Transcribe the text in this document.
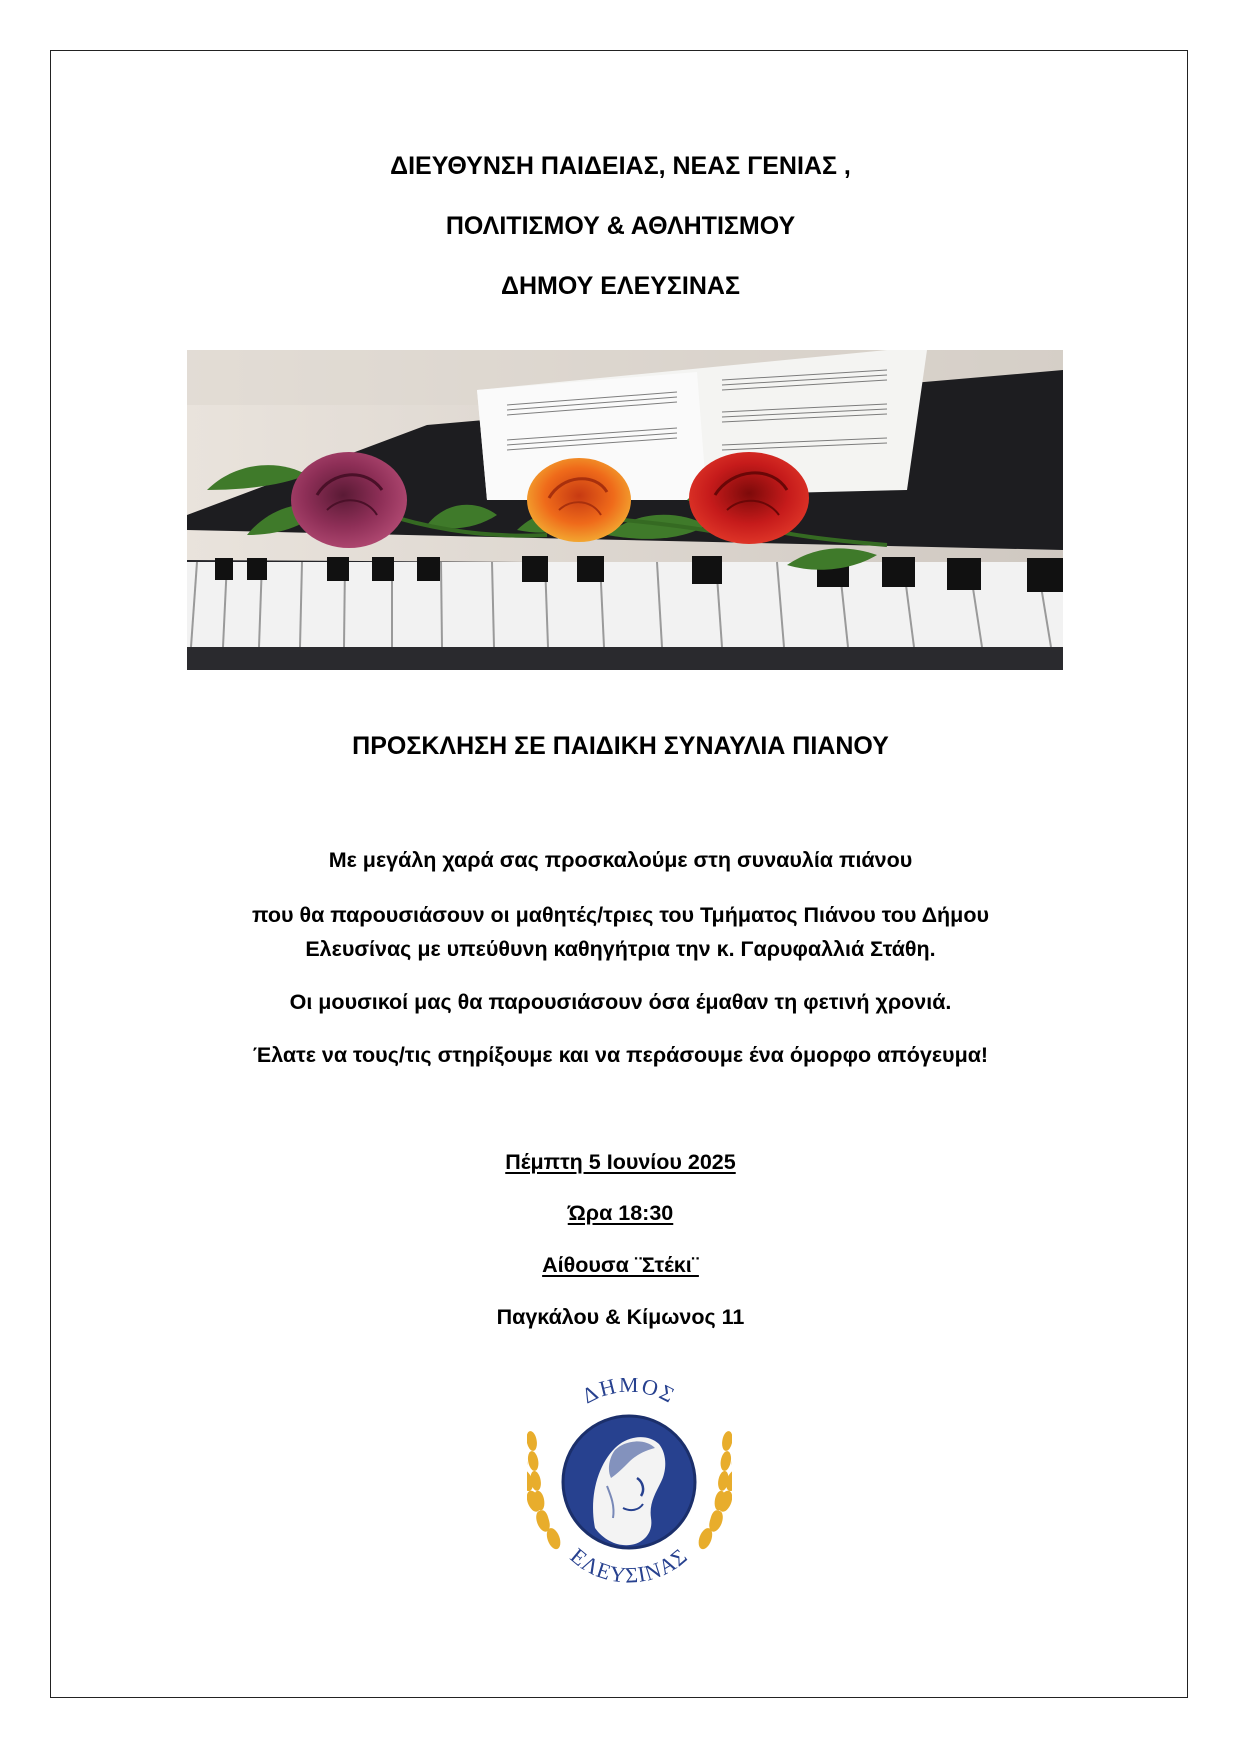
ΔΙΕΥΘΥΝΣΗ ΠΑΙΔΕΙΑΣ, ΝΕΑΣ ΓΕΝΙΑΣ ,
ΠΟΛΙΤΙΣΜΟΥ & ΑΘΛΗΤΙΣΜΟΥ
ΔΗΜΟΥ ΕΛΕΥΣΙΝΑΣ
ΠΡΟΣΚΛΗΣΗ ΣΕ ΠΑΙΔΙΚΗ ΣΥΝΑΥΛΙΑ ΠΙΑΝΟΥ
Με μεγάλη χαρά σας προσκαλούμε στη συναυλία πιάνου
που θα παρουσιάσουν οι μαθητές/τριες του Τμήματος Πιάνου του Δήμου
Ελευσίνας με υπεύθυνη καθηγήτρια την κ. Γαρυφαλλιά Στάθη.
Οι μουσικοί μας θα παρουσιάσουν όσα έμαθαν τη φετινή χρονιά.
Έλατε να τους/τις στηρίξουμε και να περάσουμε ένα όμορφο απόγευμα!
Πέμπτη 5 Ιουνίου 2025
Ώρα 18:30
Αίθουσα ¨Στέκι¨
Παγκάλου & Κίμωνος 11
ΔΗΜΟΣ
ΕΛΕΥΣΙΝΑΣ
